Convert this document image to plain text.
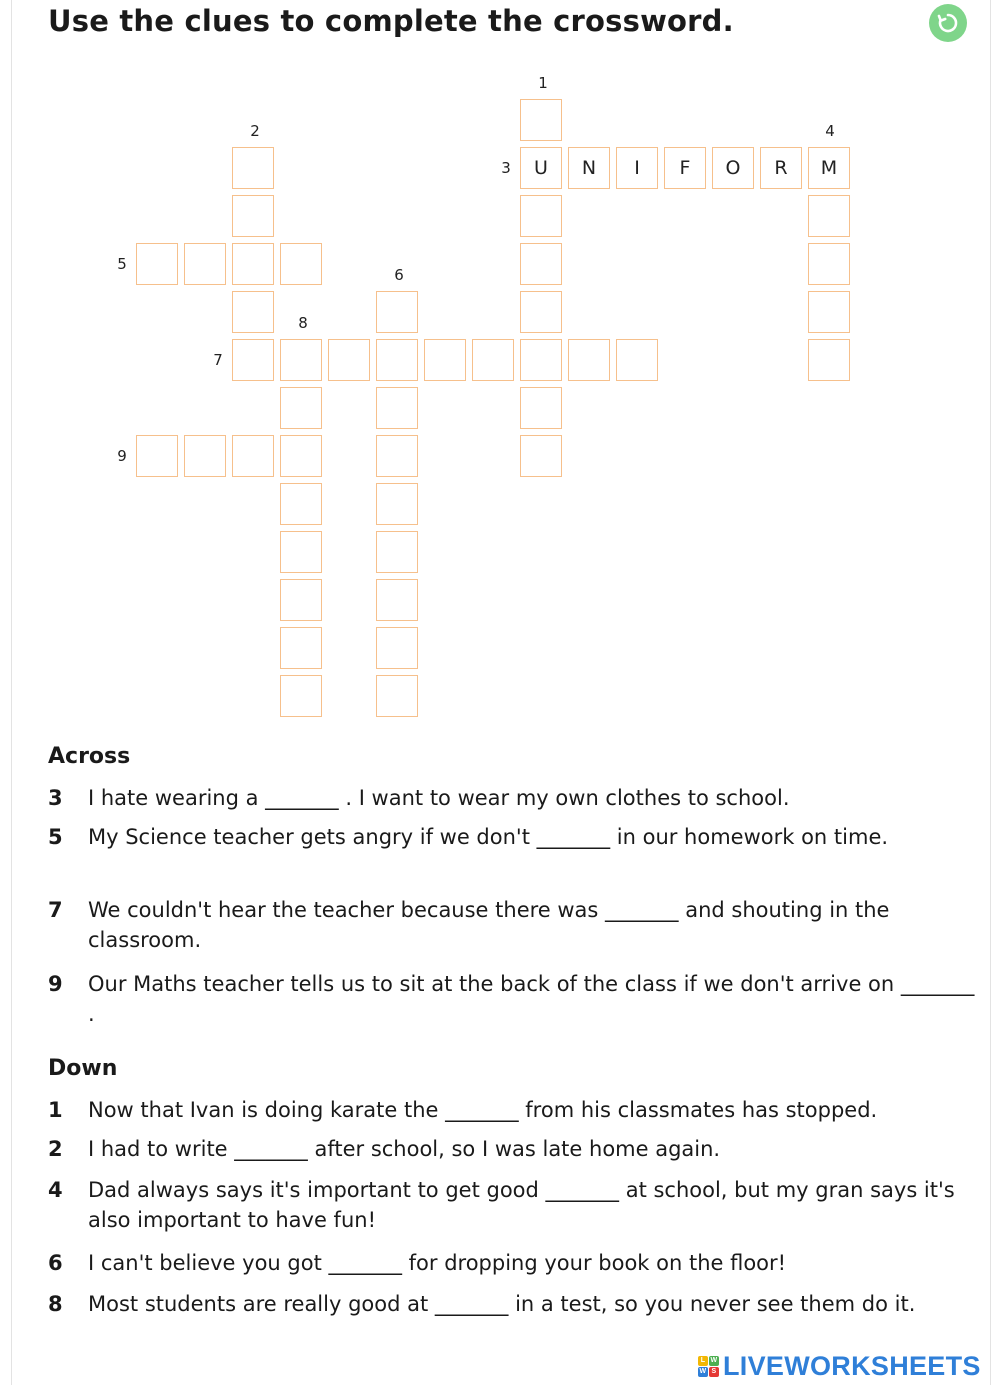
Use the clues to complete the crossword.
1
2
3
4
5
6
7
8
9
U	N	I	F	O	R	M
Across
3 I hate wearing a _______ . I want to wear my own clothes to school.
5 My Science teacher gets angry if we don't _______ in our homework on time.
7 We couldn't hear the teacher because there was _______ and shouting in the classroom.
9 Our Maths teacher tells us to sit at the back of the class if we don't arrive on _______ .
Down
1 Now that Ivan is doing karate the _______ from his classmates has stopped.
2 I had to write _______ after school, so I was late home again.
4 Dad always says it's important to get good _______ at school, but my gran says it's also important to have fun!
6 I can't believe you got _______ for dropping your book on the floor!
8 Most students are really good at _______ in a test, so you never see them do it.
L W
W S LIVEWORKSHEETS
